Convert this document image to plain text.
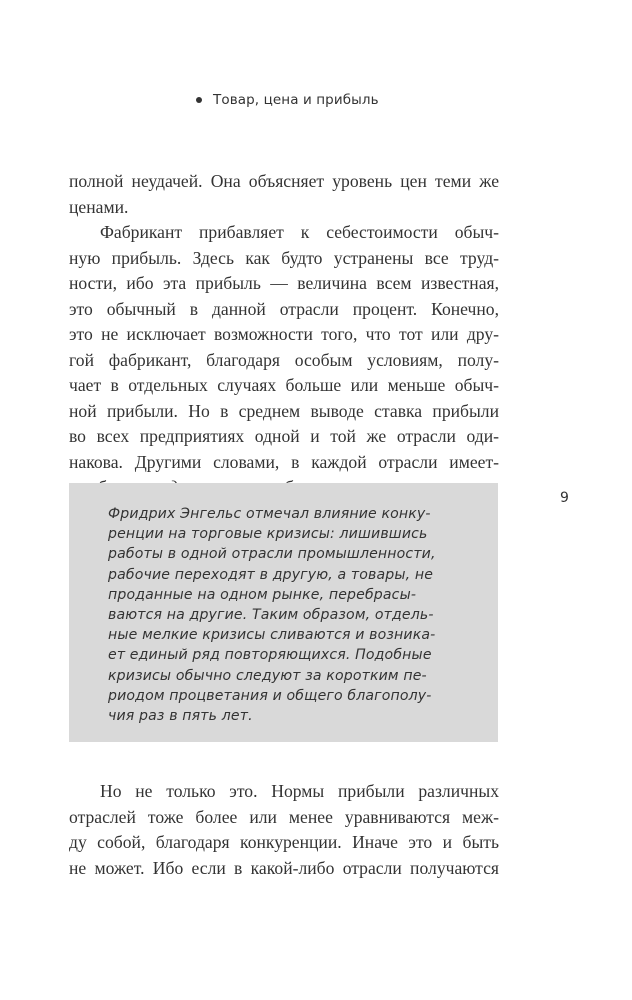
Товар, цена и прибыль

полной неудачей. Она объясняет уровень цен теми же
ценами.

Фабрикант прибавляет к себестоимости обыч-
ную прибыль. Здесь как будто устранены все труд-
ности, ибо эта прибыль — величина всем известная,
это обычный в данной отрасли процент. Конечно,
это не исключает возможности того, что тот или дру-
гой фабрикант, благодаря особым условиям, полу-
чает в отдельных случаях больше или меньше обыч-
ной прибыли. Но в среднем выводе ставка прибыли
во всех предприятиях одной и той же отрасли оди-
накова. Другими словами, в каждой отрасли имеет-

Фридрих Энгельс отмечал влияние конку-
ренции на торговые кризисы: лишившись
работы в одной отрасли промышленности,
рабочие переходят в другую, а товары, не
проданные на одном рынке, перебрасы-
ваются на другие. Таким образом, отдель-
ные мелкие кризисы сливаются и возника-
ет единый ряд повторяющихся. Подобные
кризисы обычно следуют за коротким пе-
риодом процветания и общего благополу-
чия раз в пять лет.

9

Но не только это. Нормы прибыли различных
отраслей тоже более или менее уравниваются меж-
ду собой, благодаря конкуренции. Иначе это и быть
не может. Ибо если в какой-либо отрасли получаются
